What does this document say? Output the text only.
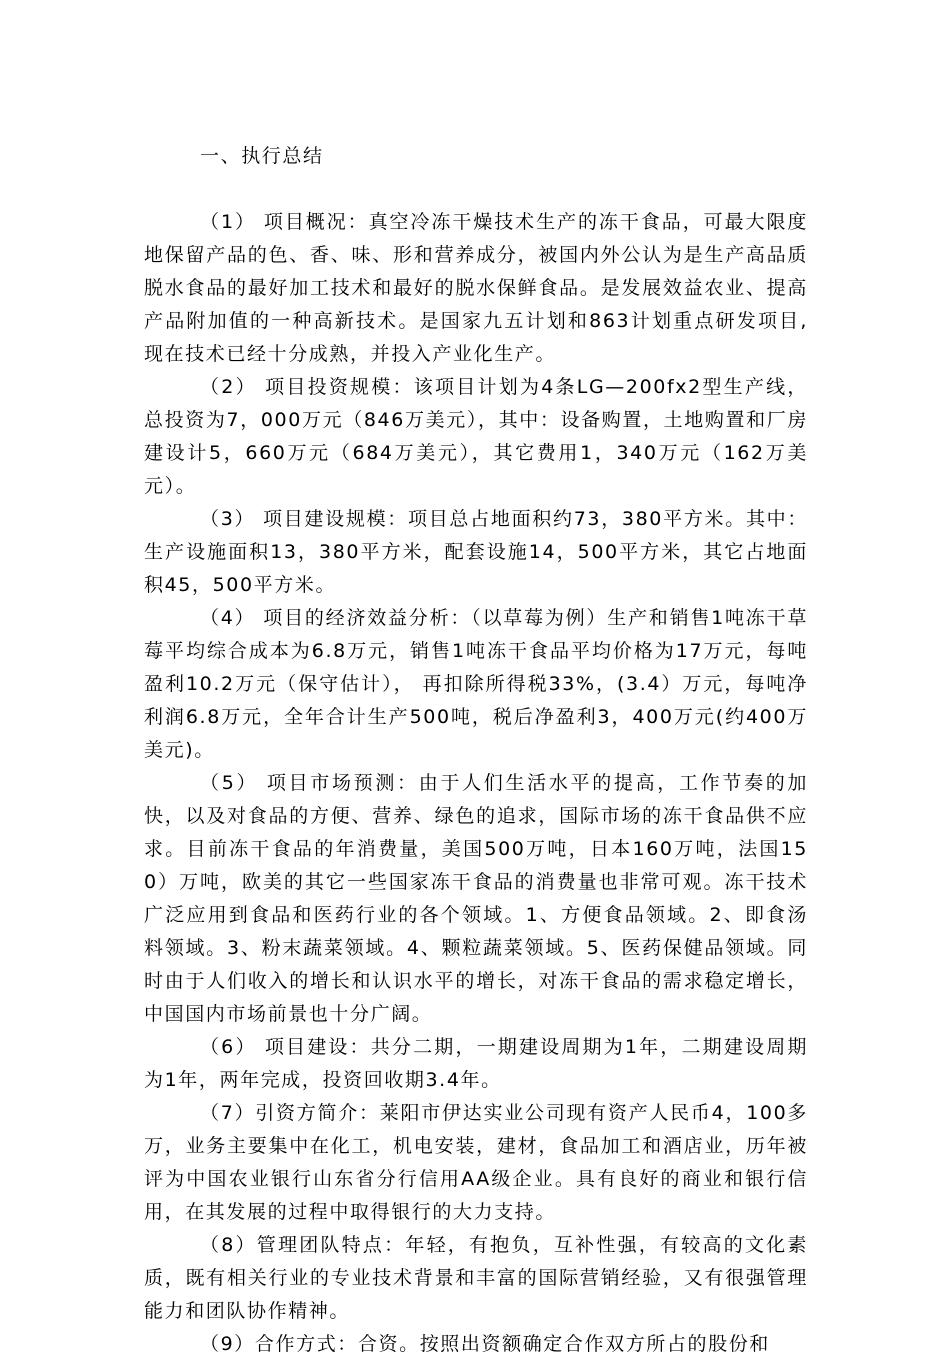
一、执行总结

（1） 项目概况：真空冷冻干燥技术生产的冻干食品，可最大限度地保留产品的色、香、味、形和营养成分，被国内外公认为是生产高品质脱水食品的最好加工技术和最好的脱水保鲜食品。是发展效益农业、提高产品附加值的一种高新技术。是国家九五计划和863计划重点研发项目,现在技术已经十分成熟，并投入产业化生产。

（2） 项目投资规模：该项目计划为4条LG—200fx2型生产线，总投资为7，000万元（846万美元），其中：设备购置，土地购置和厂房建设计5，660万元（684万美元），其它费用1，340万元（162万美元）。

（3） 项目建设规模：项目总占地面积约73，380平方米。其中：生产设施面积13，380平方米，配套设施14，500平方米，其它占地面积45，500平方米。

（4） 项目的经济效益分析：（以草莓为例）生产和销售1吨冻干草莓平均综合成本为6.8万元，销售1吨冻干食品平均价格为17万元，每吨盈利10.2万元（保守估计）， 再扣除所得税33%，(3.4）万元，每吨净利润6.8万元，全年合计生产500吨，税后净盈利3，400万元(约400万美元)。

（5） 项目市场预测：由于人们生活水平的提高，工作节奏的加快，以及对食品的方便、营养、绿色的追求，国际市场的冻干食品供不应求。目前冻干食品的年消费量，美国500万吨，日本160万吨，法国150）万吨，欧美的其它一些国家冻干食品的消费量也非常可观。冻干技术广泛应用到食品和医药行业的各个领域。1、方便食品领域。2、即食汤料领域。3、粉末蔬菜领域。4、颗粒蔬菜领域。5、医药保健品领域。同时由于人们收入的增长和认识水平的增长，对冻干食品的需求稳定增长，中国国内市场前景也十分广阔。

（6） 项目建设：共分二期，一期建设周期为1年，二期建设周期为1年，两年完成，投资回收期3.4年。

（7）引资方简介：莱阳市伊达实业公司现有资产人民币4，100多万，业务主要集中在化工，机电安装，建材，食品加工和酒店业，历年被评为中国农业银行山东省分行信用AA级企业。具有良好的商业和银行信用，在其发展的过程中取得银行的大力支持。

（8）管理团队特点：年轻，有抱负，互补性强，有较高的文化素质，既有相关行业的专业技术背景和丰富的国际营销经验，又有很强管理能力和团队协作精神。

（9）合作方式：合资。按照出资额确定合作双方所占的股份和
